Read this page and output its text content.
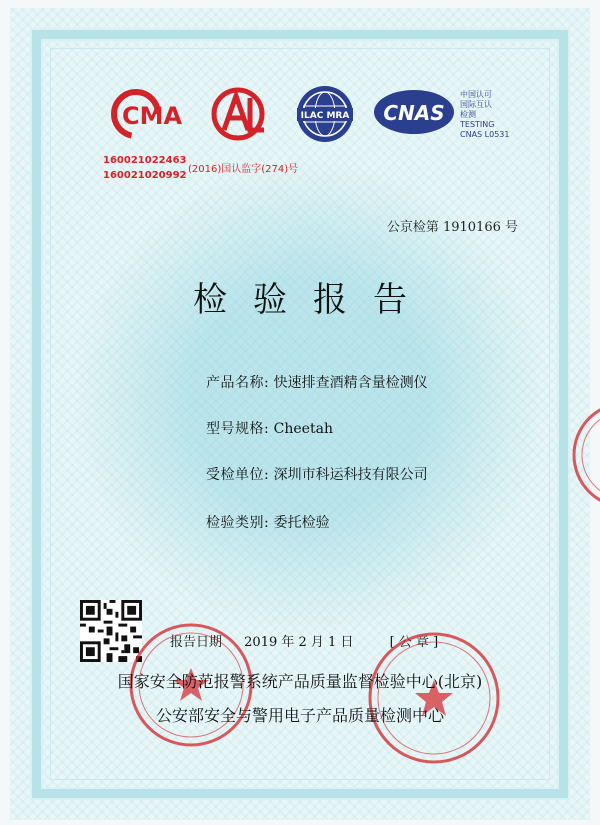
CMA	ILAC MRA CNAS
中国认可
国际互认
检测
TESTING
CNAS L0531
160021022463
160021020992
(2016)国认监字(274)号
公京检第 1910166 号
检验报告
产品名称: 快速排查酒精含量检测仪
型号规格: Cheetah
受检单位: 深圳市科运科技有限公司
检验类别: 委托检验
报告日期 2019 年 2 月 1 日	[ 公 章 ]
国家安全防范报警系统产品质量监督检验中心(北京)
公安部安全与警用电子产品质量检测中心
